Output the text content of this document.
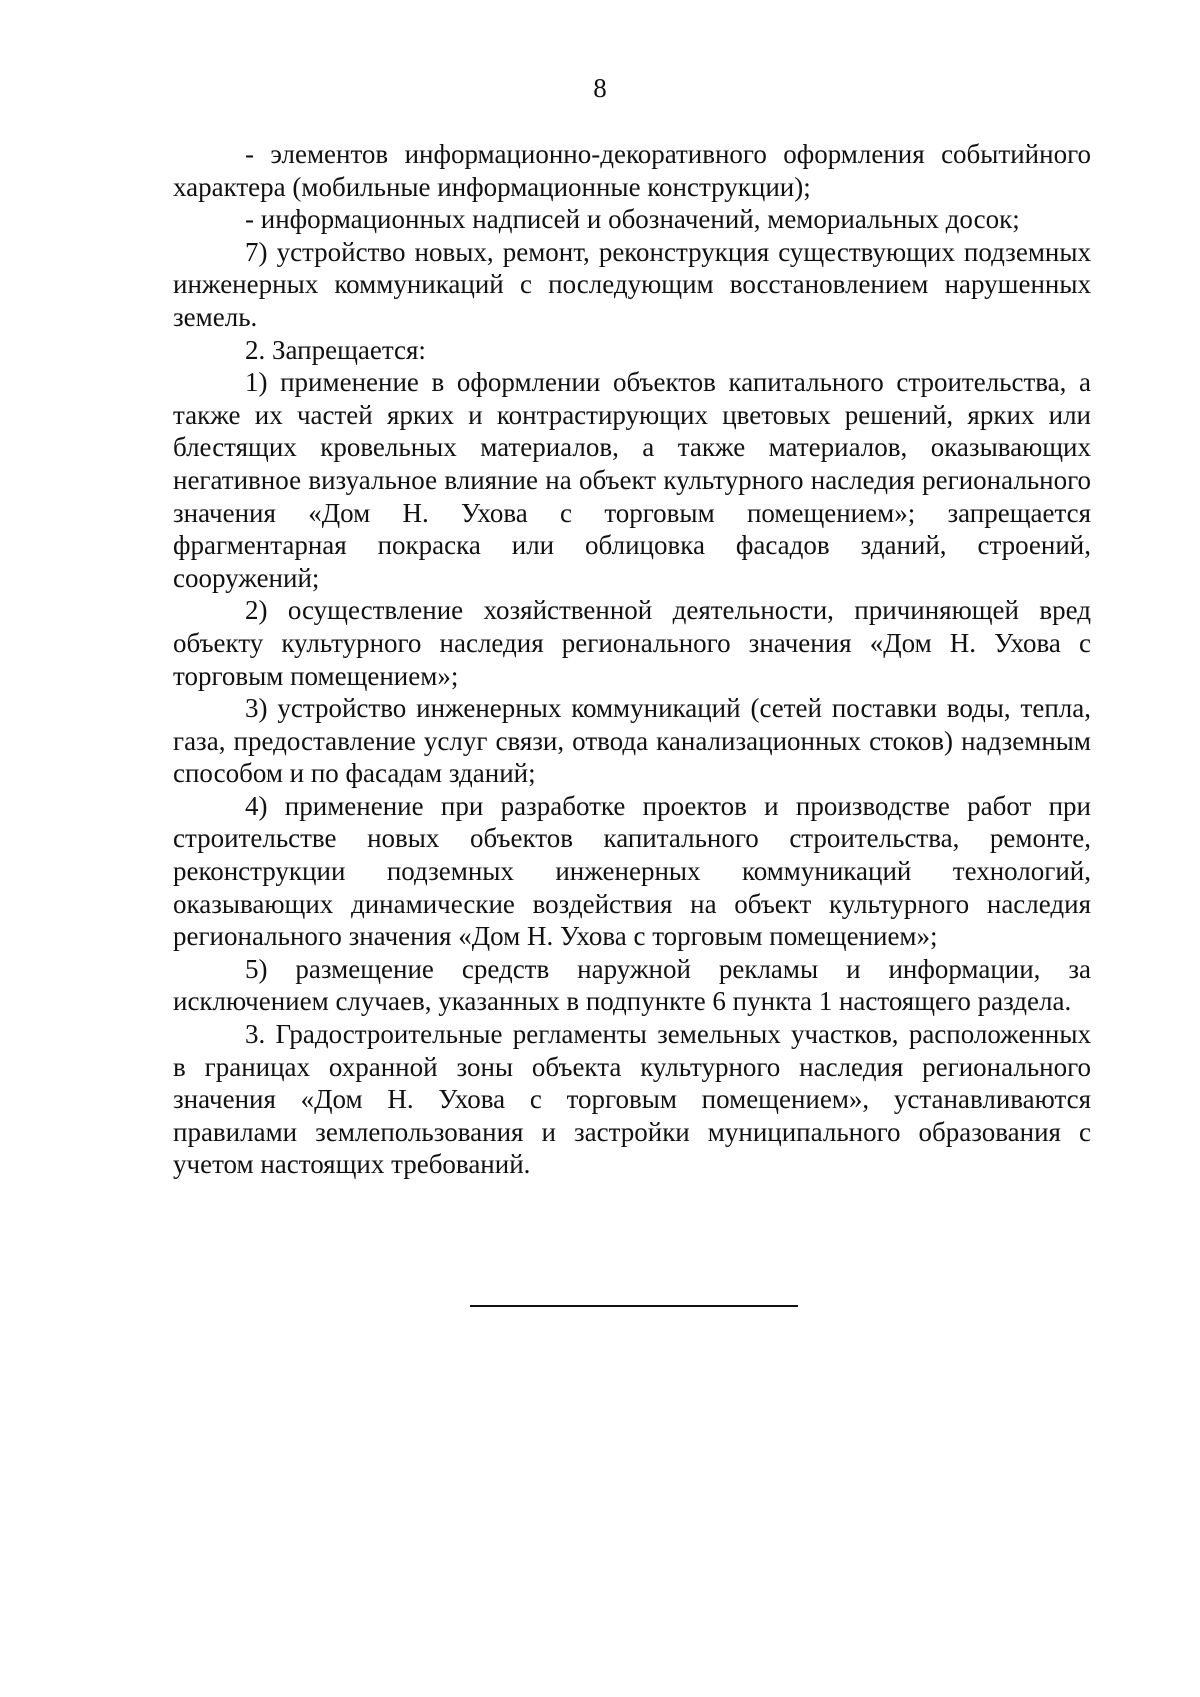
8

- элементов информационно-декоративного оформления событийного характера (мобильные информационные конструкции);

- информационных надписей и обозначений, мемориальных досок;

7) устройство новых, ремонт, реконструкция существующих подземных инженерных коммуникаций с последующим восстановлением нарушенных земель.

2. Запрещается:

1) применение в оформлении объектов капитального строительства, а также их частей ярких и контрастирующих цветовых решений, ярких или блестящих кровельных материалов, а также материалов, оказывающих негативное визуальное влияние на объект культурного наследия регионального значения «Дом Н. Ухова с торговым помещением»; запрещается фрагментарная покраска или облицовка фасадов зданий, строений, сооружений;

2) осуществление хозяйственной деятельности, причиняющей вред объекту культурного наследия регионального значения «Дом Н. Ухова с торговым помещением»;

3) устройство инженерных коммуникаций (сетей поставки воды, тепла, газа, предоставление услуг связи, отвода канализационных стоков) надземным способом и по фасадам зданий;

4) применение при разработке проектов и производстве работ при строительстве новых объектов капитального строительства, ремонте, реконструкции подземных инженерных коммуникаций технологий, оказывающих динамические воздействия на объект культурного наследия регионального значения «Дом Н. Ухова с торговым помещением»;

5) размещение средств наружной рекламы и информации, за исключением случаев, указанных в подпункте 6 пункта 1 настоящего раздела.

3. Градостроительные регламенты земельных участков, расположенных в границах охранной зоны объекта культурного наследия регионального значения «Дом Н. Ухова с торговым помещением», устанавливаются правилами землепользования и застройки муниципального образования с учетом настоящих требований.
